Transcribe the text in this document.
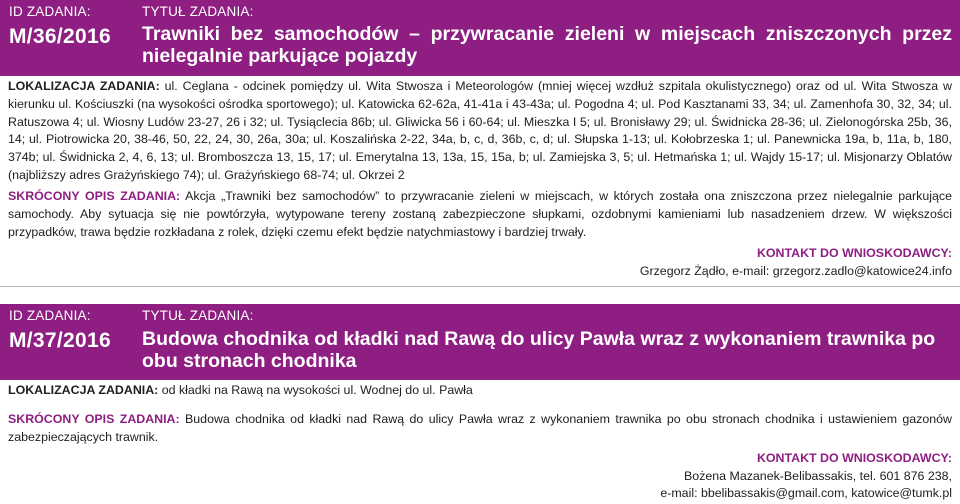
ID ZADANIA:	TYTUŁ ZADANIA:
M/36/2016 Trawniki bez samochodów – przywracanie zieleni w miejscach zniszczonych przez nielegalnie parkujące pojazdy

LOKALIZACJA ZADANIA: ul. Ceglana - odcinek pomiędzy ul. Wita Stwosza i Meteorologów (mniej więcej wzdłuż szpitala okulistycznego) oraz od ul. Wita Stwosza w kierunku ul. Kościuszki (na wysokości ośrodka sportowego); ul. Katowicka 62-62a, 41-41a i 43-43a; ul. Pogodna 4; ul. Pod Kasztanami 33, 34; ul. Zamenhofa 30, 32, 34; ul. Ratuszowa 4; ul. Wiosny Ludów 23-27, 26 i 32; ul. Tysiąclecia 86b; ul. Gliwicka 56 i 60-64; ul. Mieszka I 5; ul. Bronisławy 29; ul. Świdnicka 28-36; ul. Zielonogórska 25b, 36, 14; ul. Piotrowicka 20, 38-46, 50, 22, 24, 30, 26a, 30a; ul. Koszalińska 2-22, 34a, b, c, d, 36b, c, d; ul. Słupska 1-13; ul. Kołobrzeska 1; ul. Panewnicka 19a, b, 11a, b, 180, 374b; ul. Świdnicka 2, 4, 6, 13; ul. Bromboszcza 13, 15, 17; ul. Emerytalna 13, 13a, 15, 15a, b; ul. Zamiejska 3, 5; ul. Hetmańska 1; ul. Wajdy 15-17; ul. Misjonarzy Oblatów (najbliższy adres Grażyńskiego 74); ul. Grażyńskiego 68-74; ul. Okrzei 2

SKRÓCONY OPIS ZADANIA: Akcja „Trawniki bez samochodów” to przywracanie zieleni w miejscach, w których została ona zniszczona przez nielegalnie parkujące samochody. Aby sytuacja się nie powtórzyła, wytypowane tereny zostaną zabezpieczone słupkami, ozdobnymi kamieniami lub nasadzeniem drzew. W większości przypadków, trawa będzie rozkładana z rolek, dzięki czemu efekt będzie natychmiastowy i bardziej trwały.

KONTAKT DO WNIOSKODAWCY:
Grzegorz Żądło, e-mail: grzegorz.zadlo@katowice24.info
ID ZADANIA:	TYTUŁ ZADANIA:
M/37/2016 Budowa chodnika od kładki nad Rawą do ulicy Pawła wraz z wykonaniem trawnika po obu stronach chodnika

LOKALIZACJA ZADANIA: od kładki na Rawą na wysokości ul. Wodnej do ul. Pawła

SKRÓCONY OPIS ZADANIA: Budowa chodnika od kładki nad Rawą do ulicy Pawła wraz z wykonaniem trawnika po obu stronach chodnika i ustawieniem gazonów zabezpieczających trawnik.

KONTAKT DO WNIOSKODAWCY:
Bożena Mazanek-Belibassakis, tel. 601 876 238,
e-mail: bbelibassakis@gmail.com, katowice@tumk.pl
